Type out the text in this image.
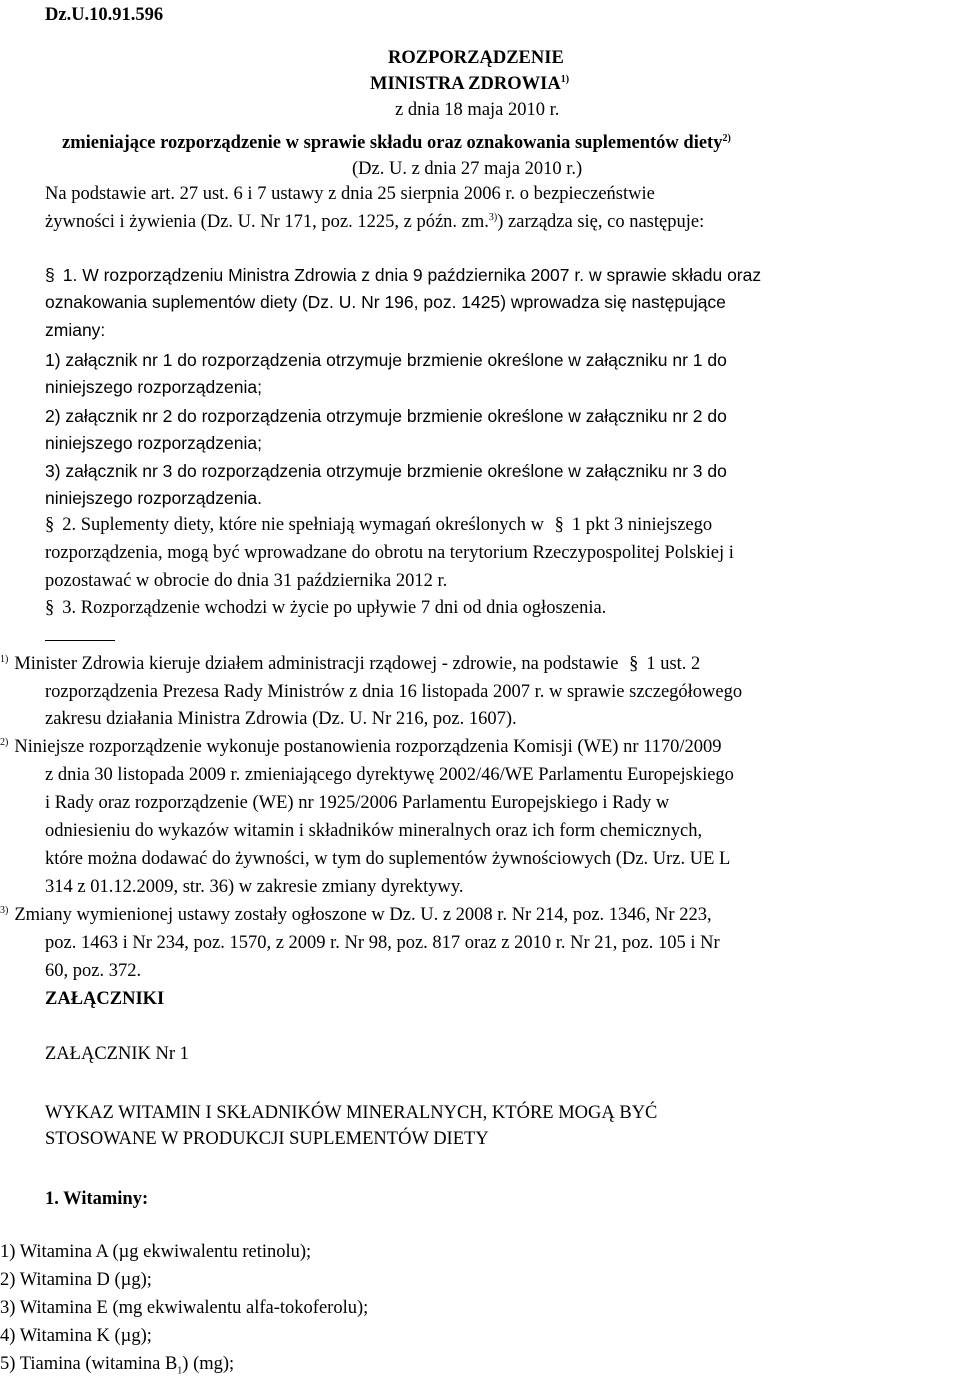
Dz.U.10.91.596
ROZPORZĄDZENIE
MINISTRA ZDROWIA$^{1)}$
z dnia 18 maja 2010 r.
zmieniające rozporządzenie w sprawie składu oraz oznakowania suplementów diety$^{2)}$
(Dz. U. z dnia 27 maja 2010 r.)
Na podstawie art. 27 ust. 6 i 7 ustawy z dnia 25 sierpnia 2006 r. o bezpieczeństwie
żywności i żywienia (Dz. U. Nr 171, poz. 1225, z późn. zm.$^{3)}$) zarządza się, co następuje:
§ 1. W rozporządzeniu Ministra Zdrowia z dnia 9 października 2007 r. w sprawie składu oraz
oznakowania suplementów diety (Dz. U. Nr 196, poz. 1425) wprowadza się następujące
zmiany:
1) załącznik nr 1 do rozporządzenia otrzymuje brzmienie określone w załączniku nr 1 do
niniejszego rozporządzenia;
2) załącznik nr 2 do rozporządzenia otrzymuje brzmienie określone w załączniku nr 2 do
niniejszego rozporządzenia;
3) załącznik nr 3 do rozporządzenia otrzymuje brzmienie określone w załączniku nr 3 do
niniejszego rozporządzenia.
§ 2. Suplementy diety, które nie spełniają wymagań określonych w § 1 pkt 3 niniejszego
rozporządzenia, mogą być wprowadzane do obrotu na terytorium Rzeczypospolitej Polskiej i
pozostawać w obrocie do dnia 31 października 2012 r.
§ 3. Rozporządzenie wchodzi w życie po upływie 7 dni od dnia ogłoszenia.
$^{1)}$ Minister Zdrowia kieruje działem administracji rządowej - zdrowie, na podstawie § 1 ust. 2
rozporządzenia Prezesa Rady Ministrów z dnia 16 listopada 2007 r. w sprawie szczegółowego
zakresu działania Ministra Zdrowia (Dz. U. Nr 216, poz. 1607).
$^{2)}$ Niniejsze rozporządzenie wykonuje postanowienia rozporządzenia Komisji (WE) nr 1170/2009
z dnia 30 listopada 2009 r. zmieniającego dyrektywę 2002/46/WE Parlamentu Europejskiego
i Rady oraz rozporządzenie (WE) nr 1925/2006 Parlamentu Europejskiego i Rady w
odniesieniu do wykazów witamin i składników mineralnych oraz ich form chemicznych,
które można dodawać do żywności, w tym do suplementów żywnościowych (Dz. Urz. UE L
314 z 01.12.2009, str. 36) w zakresie zmiany dyrektywy.
$^{3)}$ Zmiany wymienionej ustawy zostały ogłoszone w Dz. U. z 2008 r. Nr 214, poz. 1346, Nr 223,
poz. 1463 i Nr 234, poz. 1570, z 2009 r. Nr 98, poz. 817 oraz z 2010 r. Nr 21, poz. 105 i Nr
60, poz. 372.
ZAŁĄCZNIKI
ZAŁĄCZNIK Nr 1
WYKAZ WITAMIN I SKŁADNIKÓW MINERALNYCH, KTÓRE MOGĄ BYĆ
STOSOWANE W PRODUKCJI SUPLEMENTÓW DIETY
1. Witaminy:
1) Witamina A (µg ekwiwalentu retinolu);
2) Witamina D (µg);
3) Witamina E (mg ekwiwalentu alfa-tokoferolu);
4) Witamina K (µg);
5) Tiamina (witamina $B_1$) (mg);
